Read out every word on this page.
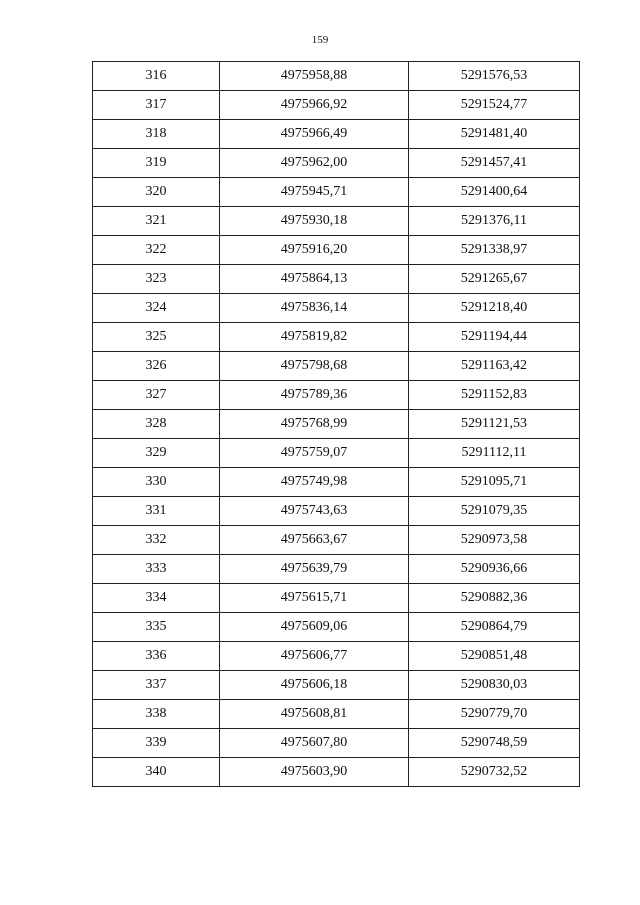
159
316	4975958,88	5291576,53
317	4975966,92	5291524,77
318	4975966,49	5291481,40
319	4975962,00	5291457,41
320	4975945,71	5291400,64
321	4975930,18	5291376,11
322	4975916,20	5291338,97
323	4975864,13	5291265,67
324	4975836,14	5291218,40
325	4975819,82	5291194,44
326	4975798,68	5291163,42
327	4975789,36	5291152,83
328	4975768,99	5291121,53
329	4975759,07	5291112,11
330	4975749,98	5291095,71
331	4975743,63	5291079,35
332	4975663,67	5290973,58
333	4975639,79	5290936,66
334	4975615,71	5290882,36
335	4975609,06	5290864,79
336	4975606,77	5290851,48
337	4975606,18	5290830,03
338	4975608,81	5290779,70
339	4975607,80	5290748,59
340	4975603,90	5290732,52
